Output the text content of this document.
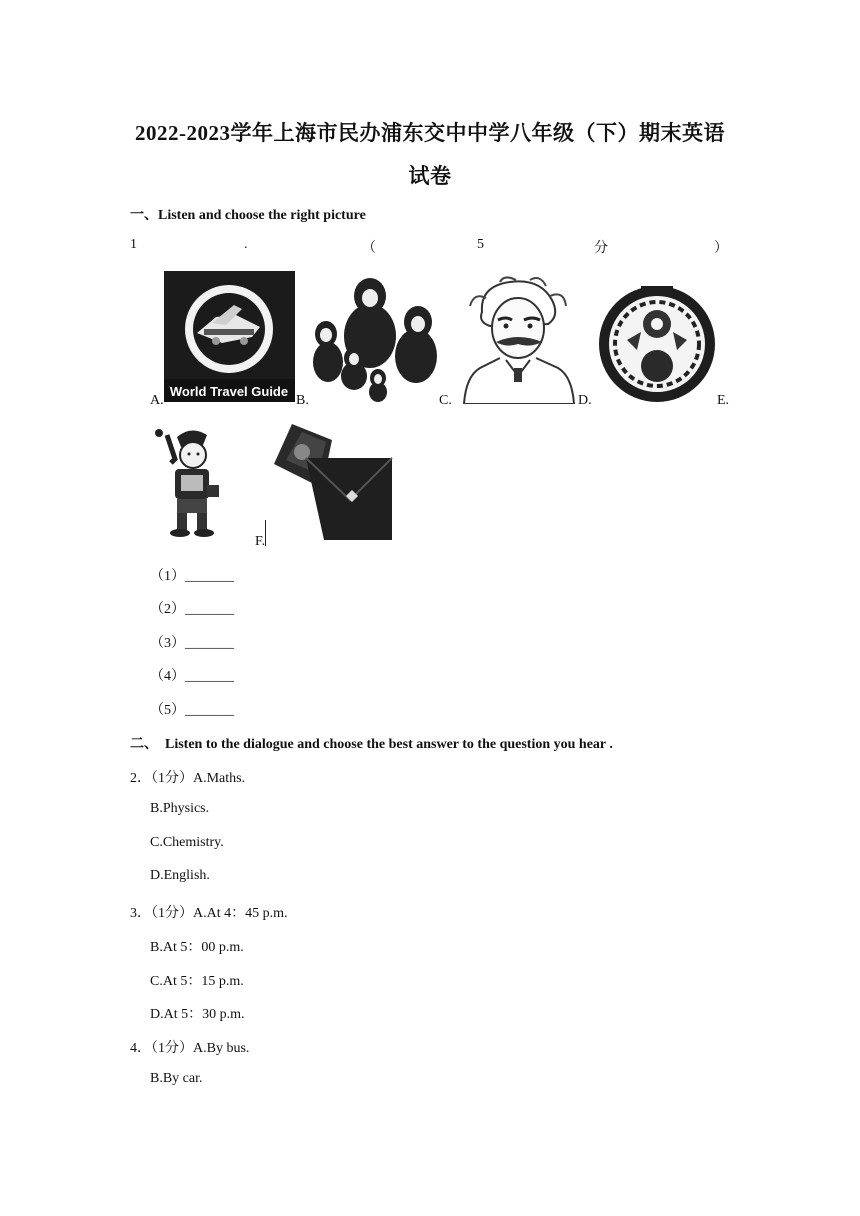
2022-2023学年上海市民办浦东交中中学八年级（下）期末英语
试卷
一、Listen and choose the right picture
1	.	（	5	分	）
World Travel Guide
A.	B.	C.	D.	E.
F.
（1）_______
（2）_______
（3）_______
（4）_______
（5）_______
二、  Listen to the dialogue and choose the best answer to the question you hear .
2．（1分）A.Maths.
B.Physics.
C.Chemistry.
D.English.
3．（1分）A.At 4：45 p.m.
B.At 5：00 p.m.
C.At 5：15 p.m.
D.At 5：30 p.m.
4．（1分）A.By bus.
B.By car.
